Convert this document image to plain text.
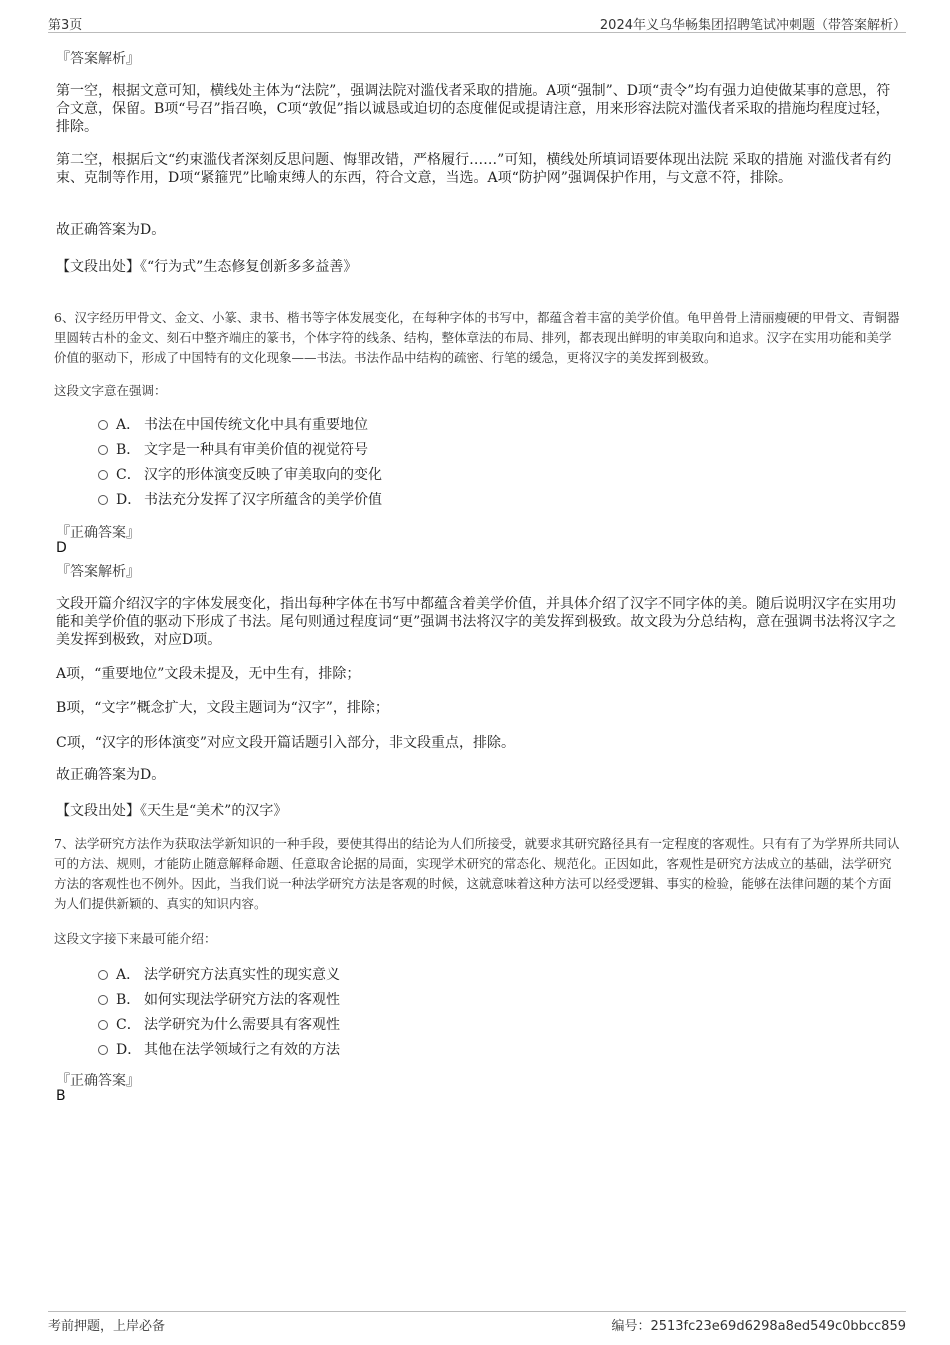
第3页	2024年义乌华畅集团招聘笔试冲刺题（带答案解析）
『答案解析』
第一空，根据文意可知，横线处主体为“法院”，强调法院对滥伐者采取的措施。A项“强制”、D项“责令”均有强力迫使做某事的意思，符合文意，保留。B项“号召”指召唤，C项“敦促”指以诚恳或迫切的态度催促或提请注意，用来形容法院对滥伐者采取的措施均程度过轻，排除。
第二空，根据后文“约束滥伐者深刻反思问题、悔罪改错，严格履行……”可知，横线处所填词语要体现出法院 采取的措施 对滥伐者有约束、克制等作用，D项“紧箍咒”比喻束缚人的东西，符合文意，当选。A项“防护网”强调保护作用，与文意不符，排除。
故正确答案为D。
【文段出处】《“行为式”生态修复创新多多益善》
6、汉字经历甲骨文、金文、小篆、隶书、楷书等字体发展变化，在每种字体的书写中，都蕴含着丰富的美学价值。龟甲兽骨上清丽瘦硬的甲骨文、青铜器里圆转古朴的金文、刻石中整齐端庄的篆书，个体字符的线条、结构，整体章法的布局、排列，都表现出鲜明的审美取向和追求。汉字在实用功能和美学价值的驱动下，形成了中国特有的文化现象——书法。书法作品中结构的疏密、行笔的缓急，更将汉字的美发挥到极致。
这段文字意在强调：
A． 书法在中国传统文化中具有重要地位
B． 文字是一种具有审美价值的视觉符号
C． 汉字的形体演变反映了审美取向的变化
D． 书法充分发挥了汉字所蕴含的美学价值
『正确答案』
D
『答案解析』
文段开篇介绍汉字的字体发展变化，指出每种字体在书写中都蕴含着美学价值，并具体介绍了汉字不同字体的美。随后说明汉字在实用功能和美学价值的驱动下形成了书法。尾句则通过程度词“更”强调书法将汉字的美发挥到极致。故文段为分总结构，意在强调书法将汉字之美发挥到极致，对应D项。
A项，“重要地位”文段未提及，无中生有，排除；
B项，“文字”概念扩大，文段主题词为“汉字”，排除；
C项，“汉字的形体演变”对应文段开篇话题引入部分，非文段重点，排除。
故正确答案为D。
【文段出处】《天生是“美术”的汉字》
7、法学研究方法作为获取法学新知识的一种手段，要使其得出的结论为人们所接受，就要求其研究路径具有一定程度的客观性。只有有了为学界所共同认可的方法、规则，才能防止随意解释命题、任意取舍论据的局面，实现学术研究的常态化、规范化。正因如此，客观性是研究方法成立的基础，法学研究方法的客观性也不例外。因此，当我们说一种法学研究方法是客观的时候，这就意味着这种方法可以经受逻辑、事实的检验，能够在法律问题的某个方面为人们提供新颖的、真实的知识内容。
这段文字接下来最可能介绍：
A． 法学研究方法真实性的现实意义
B． 如何实现法学研究方法的客观性
C． 法学研究为什么需要具有客观性
D． 其他在法学领域行之有效的方法
『正确答案』
B
考前押题，上岸必备	编号：2513fc23e69d6298a8ed549c0bbcc859
